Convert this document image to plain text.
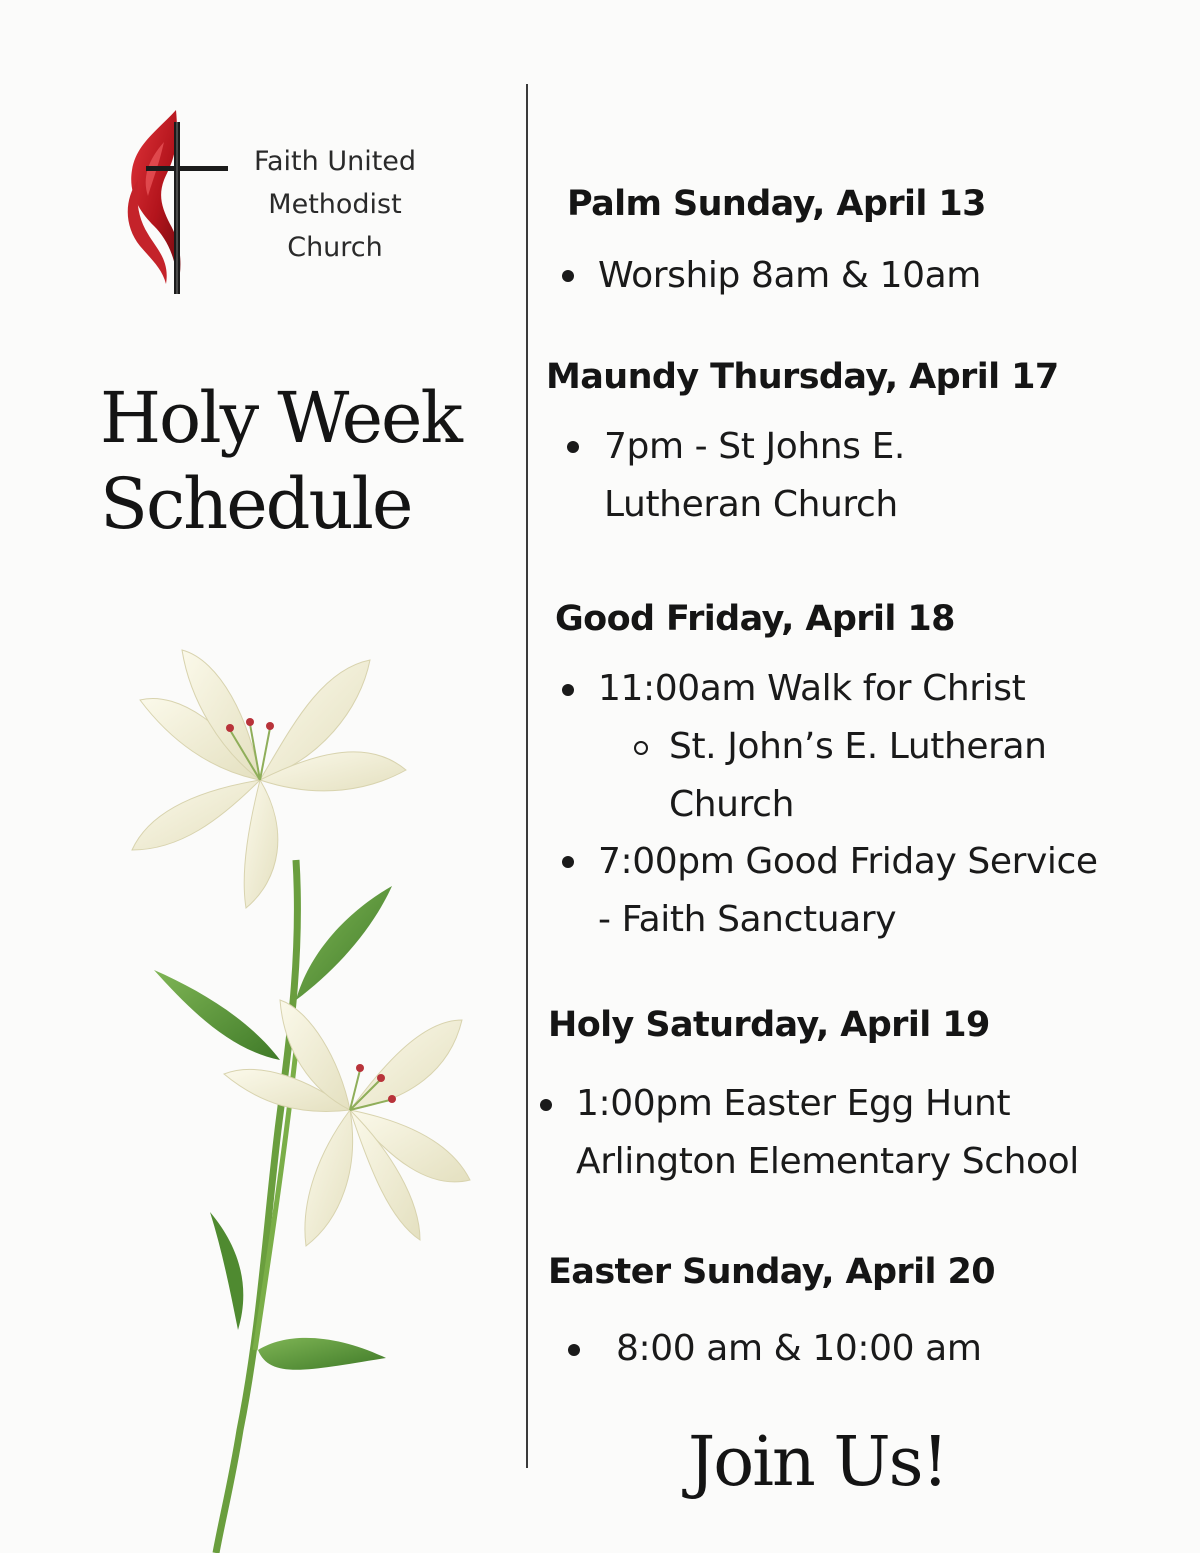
Faith United
Methodist
Church
Holy Week
Schedule
Palm Sunday, April 13
Worship 8am & 10am
Maundy Thursday, April 17
7pm - St Johns E.
Lutheran Church
Good Friday, April 18
11:00am Walk for Christ
St. John’s E. Lutheran
Church
7:00pm Good Friday Service
- Faith Sanctuary
Holy Saturday, April 19
1:00pm Easter Egg Hunt
Arlington Elementary School
Easter Sunday, April 20
8:00 am & 10:00 am
Join Us!
